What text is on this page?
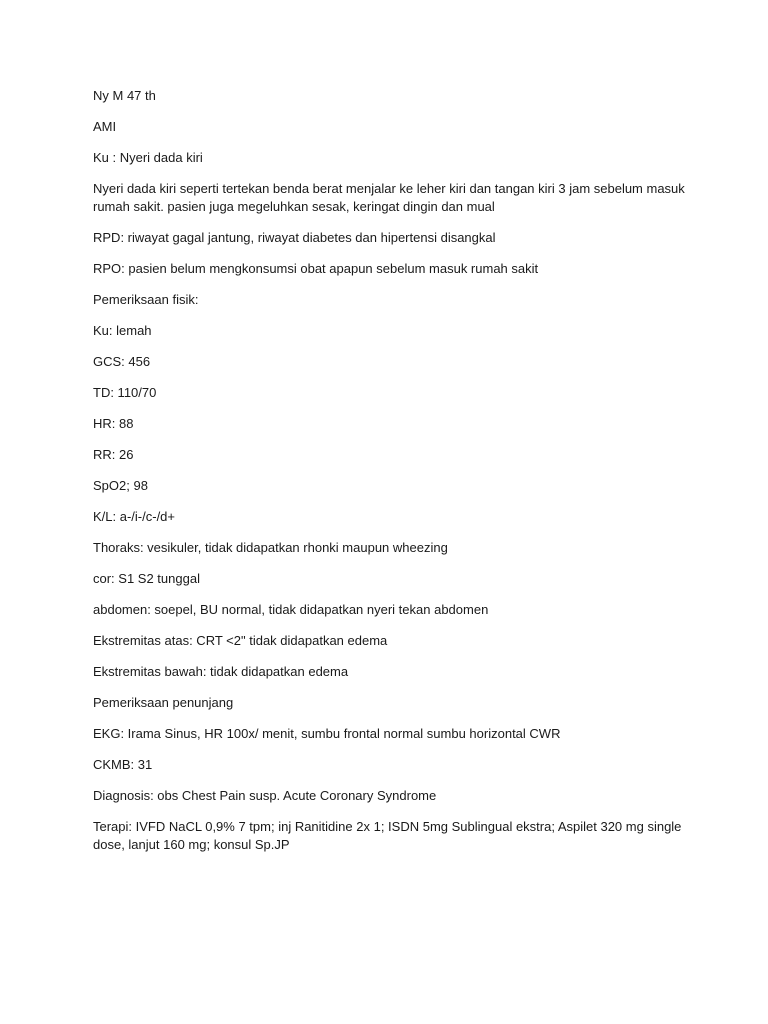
Ny M 47 th

AMI

Ku : Nyeri dada kiri

Nyeri dada kiri seperti tertekan benda berat menjalar ke leher kiri dan tangan kiri 3 jam sebelum masuk rumah sakit. pasien juga megeluhkan sesak, keringat dingin dan mual

RPD: riwayat gagal jantung, riwayat diabetes dan hipertensi disangkal

RPO: pasien belum mengkonsumsi obat apapun sebelum masuk rumah sakit

Pemeriksaan fisik:

Ku: lemah

GCS: 456

TD: 110/70

HR: 88

RR: 26

SpO2; 98

K/L: a-/i-/c-/d+

Thoraks: vesikuler, tidak didapatkan rhonki maupun wheezing

cor: S1 S2 tunggal

abdomen: soepel, BU normal, tidak didapatkan nyeri tekan abdomen

Ekstremitas atas: CRT <2" tidak didapatkan edema

Ekstremitas bawah: tidak didapatkan edema

Pemeriksaan penunjang

EKG: Irama Sinus, HR 100x/ menit, sumbu frontal normal sumbu horizontal CWR

CKMB: 31

Diagnosis: obs Chest Pain susp. Acute Coronary Syndrome

Terapi: IVFD NaCL 0,9% 7 tpm; inj Ranitidine 2x 1; ISDN 5mg Sublingual ekstra; Aspilet 320 mg single dose, lanjut 160 mg; konsul Sp.JP
